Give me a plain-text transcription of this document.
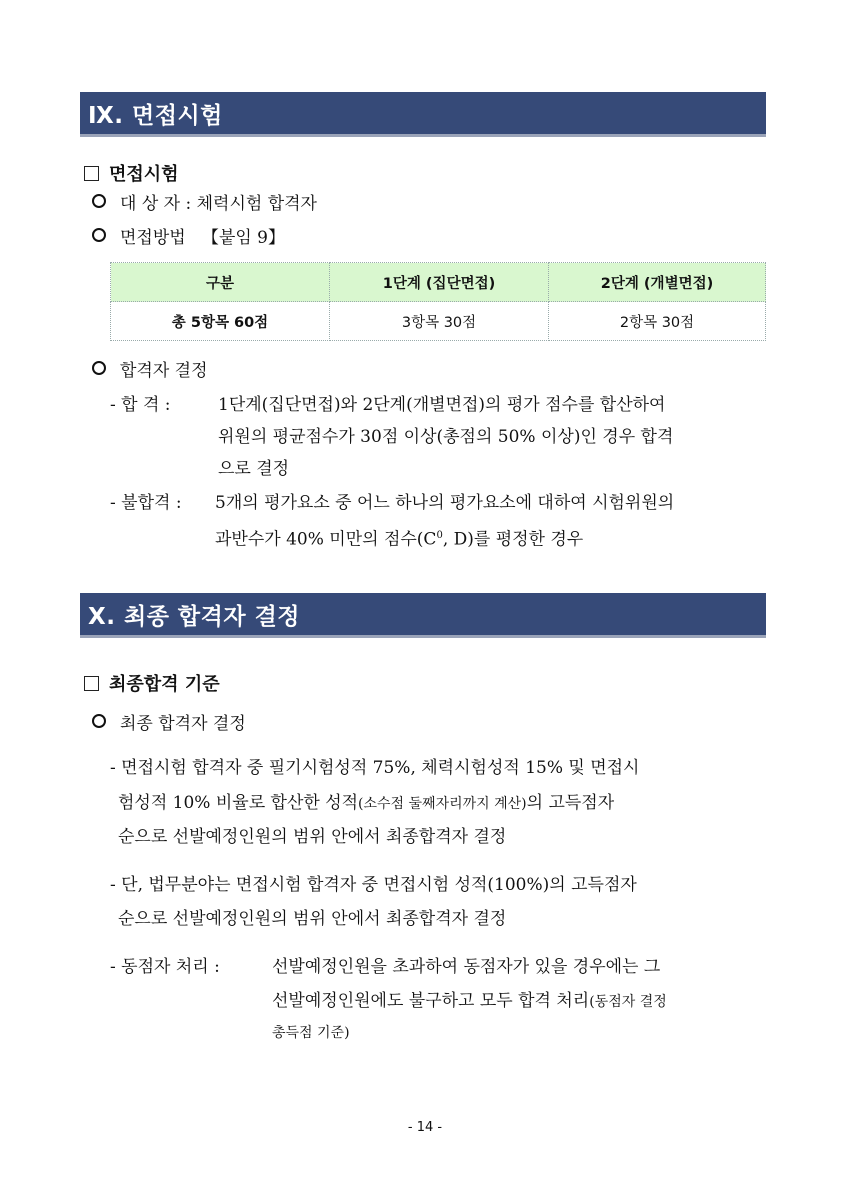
Ⅸ. 면접시험
면접시험
대 상 자 : 체력시험 합격자
면접방법 【붙임 9】
구분	1단계 (집단면접)	2단계 (개별면접)
총 5항목 60점	3항목 30점	2항목 30점
합격자 결정
- 합 격 :	1단계(집단면접)와 2단계(개별면접)의 평가 점수를 합산하여
위원의 평균점수가 30점 이상(총점의 50% 이상)인 경우 합격
으로 결정
- 불합격 : 5개의 평가요소 중 어느 하나의 평가요소에 대하여 시험위원의
과반수가 40% 미만의 점수($C^0$, D)를 평정한 경우
Ⅹ. 최종 합격자 결정
최종합격 기준
최종 합격자 결정
- 면접시험 합격자 중 필기시험성적 75%, 체력시험성적 15% 및 면접시
험성적 10% 비율로 합산한 성적(소수점 둘째자리까지 계산)의 고득점자
순으로 선발예정인원의 범위 안에서 최종합격자 결정
- 단, 법무분야는 면접시험 합격자 중 면접시험 성적(100%)의 고득점자
순으로 선발예정인원의 범위 안에서 최종합격자 결정
- 동점자 처리 :	선발예정인원을 초과하여 동점자가 있을 경우에는 그
선발예정인원에도 불구하고 모두 합격 처리(동점자 결정
총득점 기준)
- 14 -
